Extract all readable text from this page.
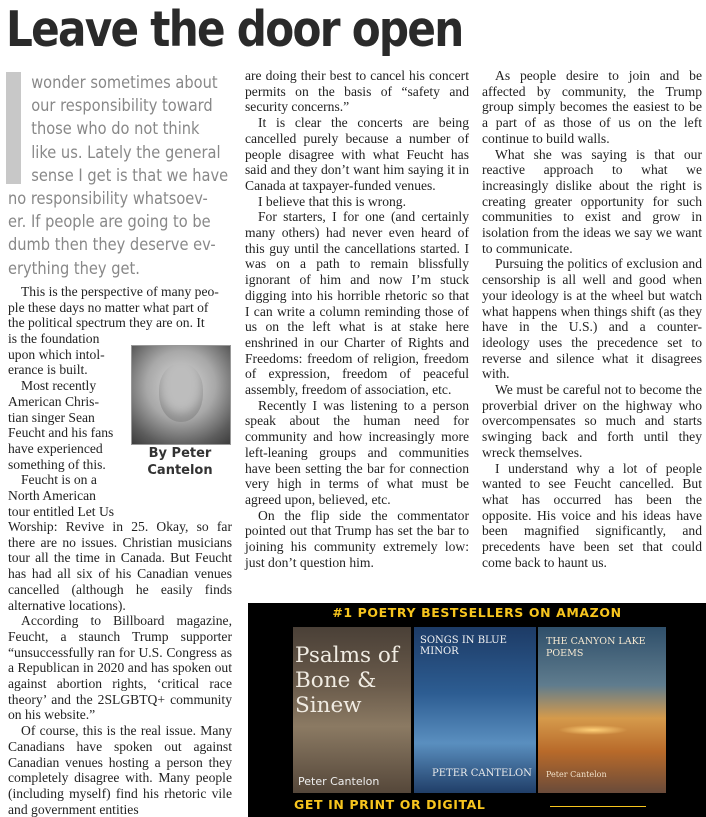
Leave the door open
wonder sometimes about
our responsibility toward
those who do not think
like us. Lately the general
sense I get is that we have
no responsibility whatsoev-
er. If people are going to be
dumb then they deserve ev-
erything they get.
This is the perspective of many peo-
ple these days no matter what part of
the political spectrum they are on. It
is the foundation
upon which intol-
erance is built.
Most recently
American Chris-
tian singer Sean
Feucht and his fans
have experienced
something of this.
Feucht is on a
North American
tour entitled Let Us

Worship: Revive in 25. Okay, so far there are no issues. Christian musicians tour all the time in Canada. But Feucht has had all six of his Canadian venues cancelled (although he easily finds alternative locations).

According to Billboard magazine, Feucht, a staunch Trump supporter “unsuccessfully ran for U.S. Congress as a Republican in 2020 and has spoken out against abortion rights, ‘critical race theory’ and the 2SLGBTQ+ community on his website.”

Of course, this is the real issue. Many Canadians have spoken out against Canadian venues hosting a person they completely disagree with. Many people (including myself) find his rhetoric vile and government entities

By Peter
Cantelon

are doing their best to cancel his concert permits on the basis of “safety and security concerns.”

It is clear the concerts are being cancelled purely because a number of people disagree with what Feucht has said and they don’t want him saying it in Canada at taxpayer-funded venues.

I believe that this is wrong.

For starters, I for one (and certainly many others) had never even heard of this guy until the cancellations started. I was on a path to remain blissfully ignorant of him and now I’m stuck digging into his horrible rhetoric so that I can write a column reminding those of us on the left what is at stake here enshrined in our Charter of Rights and Freedoms: freedom of religion, freedom of expression, freedom of peaceful assembly, freedom of association, etc.

Recently I was listening to a person speak about the human need for community and how increasingly more left-leaning groups and communities have been setting the bar for connection very high in terms of what must be agreed upon, believed, etc.

On the flip side the commentator pointed out that Trump has set the bar to joining his community extremely low: just don’t question him.

As people desire to join and be affected by community, the Trump group simply becomes the easiest to be a part of as those of us on the left continue to build walls.

What she was saying is that our reactive approach to what we increasingly dislike about the right is creating greater opportunity for such communities to exist and grow in isolation from the ideas we say we want to communicate.

Pursuing the politics of exclusion and censorship is all well and good when your ideology is at the wheel but watch what happens when things shift (as they have in the U.S.) and a counter-ideology uses the precedence set to reverse and silence what it disagrees with.

We must be careful not to become the proverbial driver on the highway who overcompensates so much and starts swinging back and forth until they wreck themselves.

I understand why a lot of people wanted to see Feucht cancelled. But what has occurred has been the opposite. His voice and his ideas have been magnified significantly, and precedents have been set that could come back to haunt us.

#1 POETRY BESTSELLERS ON AMAZON
Psalms of Bone & Sinew
Peter Cantelon
SONGS IN BLUE MINOR
PETER CANTELON
THE CANYON LAKE POEMS
Peter Cantelon
GET IN PRINT OR DIGITAL
